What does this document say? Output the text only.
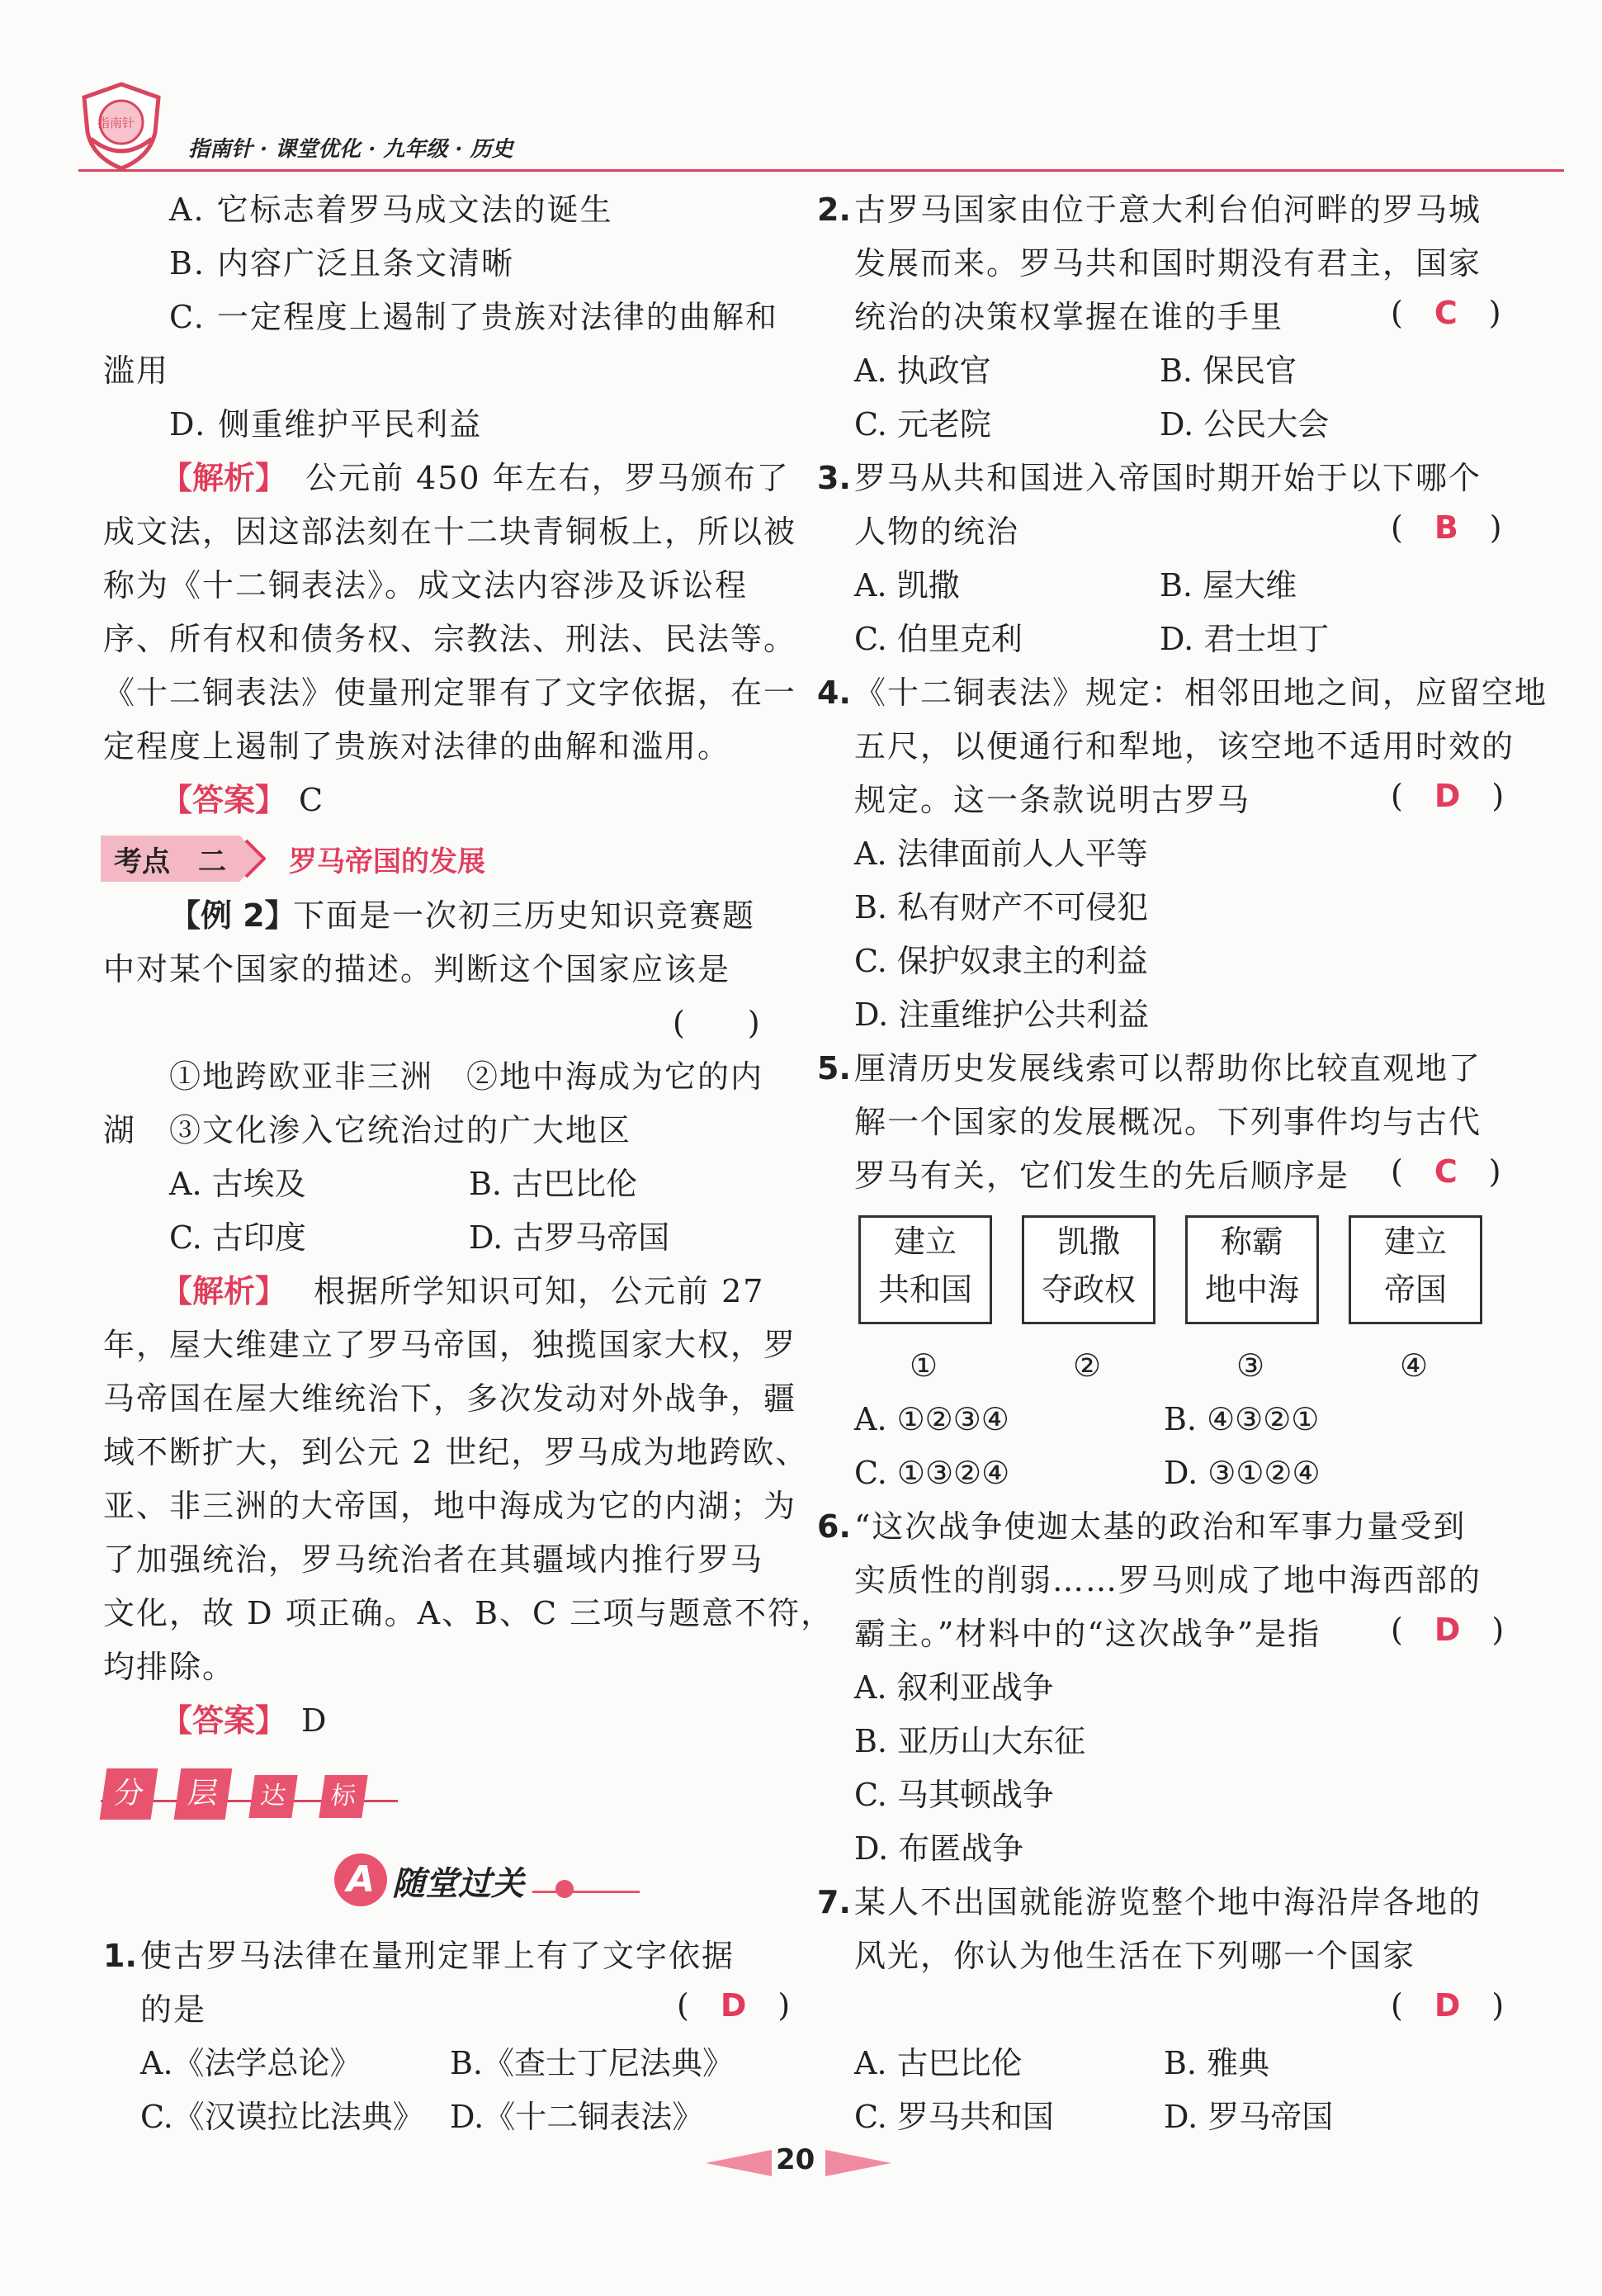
指南针
指南针 · 课堂优化 · 九年级 · 历史
A. 它标志着罗马成文法的诞生
B. 内容广泛且条文清晰
C. 一定程度上遏制了贵族对法律的曲解和
滥用
D. 侧重维护平民利益
【解析】 公元前 450 年左右，罗马颁布了
成文法，因这部法刻在十二块青铜板上，所以被
称为《十二铜表法》。成文法内容涉及诉讼程
序、所有权和债务权、宗教法、刑法、民法等。
《十二铜表法》使量刑定罪有了文字依据，在一
定程度上遏制了贵族对法律的曲解和滥用。
【答案】 C
考点 二 罗马帝国的发展
【例 2】
下面是一次初三历史知识竞赛题
中对某个国家的描述。判断这个国家应该是
(　　)
①地跨欧亚非三洲　②地中海成为它的内
湖　③文化渗入它统治过的广大地区
A. 古埃及	B. 古巴比伦
C. 古印度	D. 古罗马帝国
【解析】 根据所学知识可知，公元前 27
年，屋大维建立了罗马帝国，独揽国家大权，罗
马帝国在屋大维统治下，多次发动对外战争，疆
域不断扩大，到公元 2 世纪，罗马成为地跨欧、
亚、非三洲的大帝国，地中海成为它的内湖；为
了加强统治，罗马统治者在其疆域内推行罗马
文化，故 D 项正确。A、B、C 三项与题意不符，
均排除。
【答案】 D
分	层	达	标
A 随堂过关
1. 使古罗马法律在量刑定罪上有了文字依据
的是	(　D　)
A.《法学总论》	B.《查士丁尼法典》
C.《汉谟拉比法典》 D.《十二铜表法》
2. 古罗马国家由位于意大利台伯河畔的罗马城
发展而来。罗马共和国时期没有君主，国家
统治的决策权掌握在谁的手里	(　C　)
A. 执政官	B. 保民官
C. 元老院	D. 公民大会
3. 罗马从共和国进入帝国时期开始于以下哪个
人物的统治	(　B　)
A. 凯撒	B. 屋大维
C. 伯里克利	D. 君士坦丁
4. 《十二铜表法》规定：相邻田地之间，应留空地
五尺，以便通行和犁地，该空地不适用时效的
规定。这一条款说明古罗马	(　D　)
A. 法律面前人人平等
B. 私有财产不可侵犯
C. 保护奴隶主的利益
D. 注重维护公共利益
5. 厘清历史发展线索可以帮助你比较直观地了
解一个国家的发展概况。下列事件均与古代
罗马有关，它们发生的先后顺序是 (　C　)
建立
共和国
凯撒
夺政权
称霸
地中海
建立
帝国
①	②	③	④
A. ①②③④	B. ④③②①
C. ①③②④	D. ③①②④
6. “这次战争使迦太基的政治和军事力量受到
实质性的削弱……罗马则成了地中海西部的
霸主。”材料中的“这次战争”是指 (　D　)
A. 叙利亚战争
B. 亚历山大东征
C. 马其顿战争
D. 布匿战争
7. 某人不出国就能游览整个地中海沿岸各地的
风光，你认为他生活在下列哪一个国家
(　D　)
A. 古巴比伦	B. 雅典
C. 罗马共和国	D. 罗马帝国
20
